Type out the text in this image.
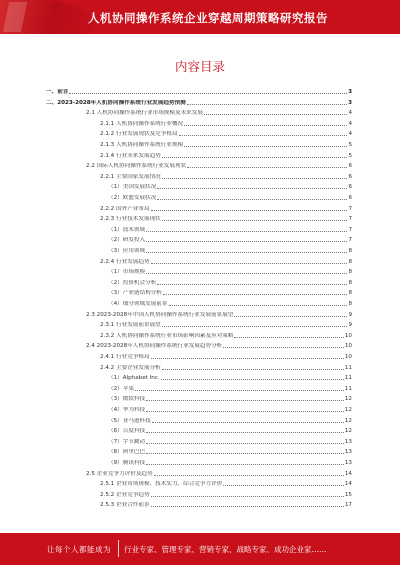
人机协同操作系统企业穿越周期策略研究报告
内容目录
一、前言	3
二、2023-2028年人机协同操作系统行业发展趋势预测	3
2.1 人机协同操作系统行业市场规模及未来发展	4
2.1.1 人机协同操作系统行业概况	4
2.1.2 行业发展现状及竞争格局	4
2.1.3 人机协同操作系统行业规模	5
2.1.4 行业未来发展趋势	5
2.2 国际人机协同操作系统行业发展现状	6
2.2.1 主要国家发展情况	6
（1）美国发展状况	6
（2）欧盟发展状况	6
2.2.2 国外产业布局	7
2.2.3 行业技术发展现状	7
（1）技术领域	7
（2）研发投入	7
（3）应用领域	8
2.2.4 行业发展趋势	8
（1）市场规模	8
（2）投资机会分析	8
（3）产业链结构分析	8
（4）细分领域发展前景	8
2.3 2023-2028年中国人机协同操作系统行业发展前景展望	9
2.3.1 行业发展前景展望	9
2.3.2 人机协同操作系统行业市场影响因素及应对策略	10
2.4 2023-2028年人机协同操作系统行业发展趋势分析	10
2.4.1 行业竞争格局	10
2.4.2 主要企业发展分析	11
（1）Alphabet Inc.	11
（2）苹果	11
（3）微软科技	12
（4）华为科技	12
（5）亚马逊科技	12
（6）百度科技	12
（7）字节跳动	13
（8）阿里巴巴	13
（9）腾讯科技	13
2.5 企业竞争力评价及趋势	14
2.5.1 企业市场规模、技术实力、综合竞争力评价	14
2.5.2 企业竞争趋势	15
2.5.3 企业合作前景	17
让每个人都能成为 行业专家、管理专家、营销专家、战略专家、成功企业家……
